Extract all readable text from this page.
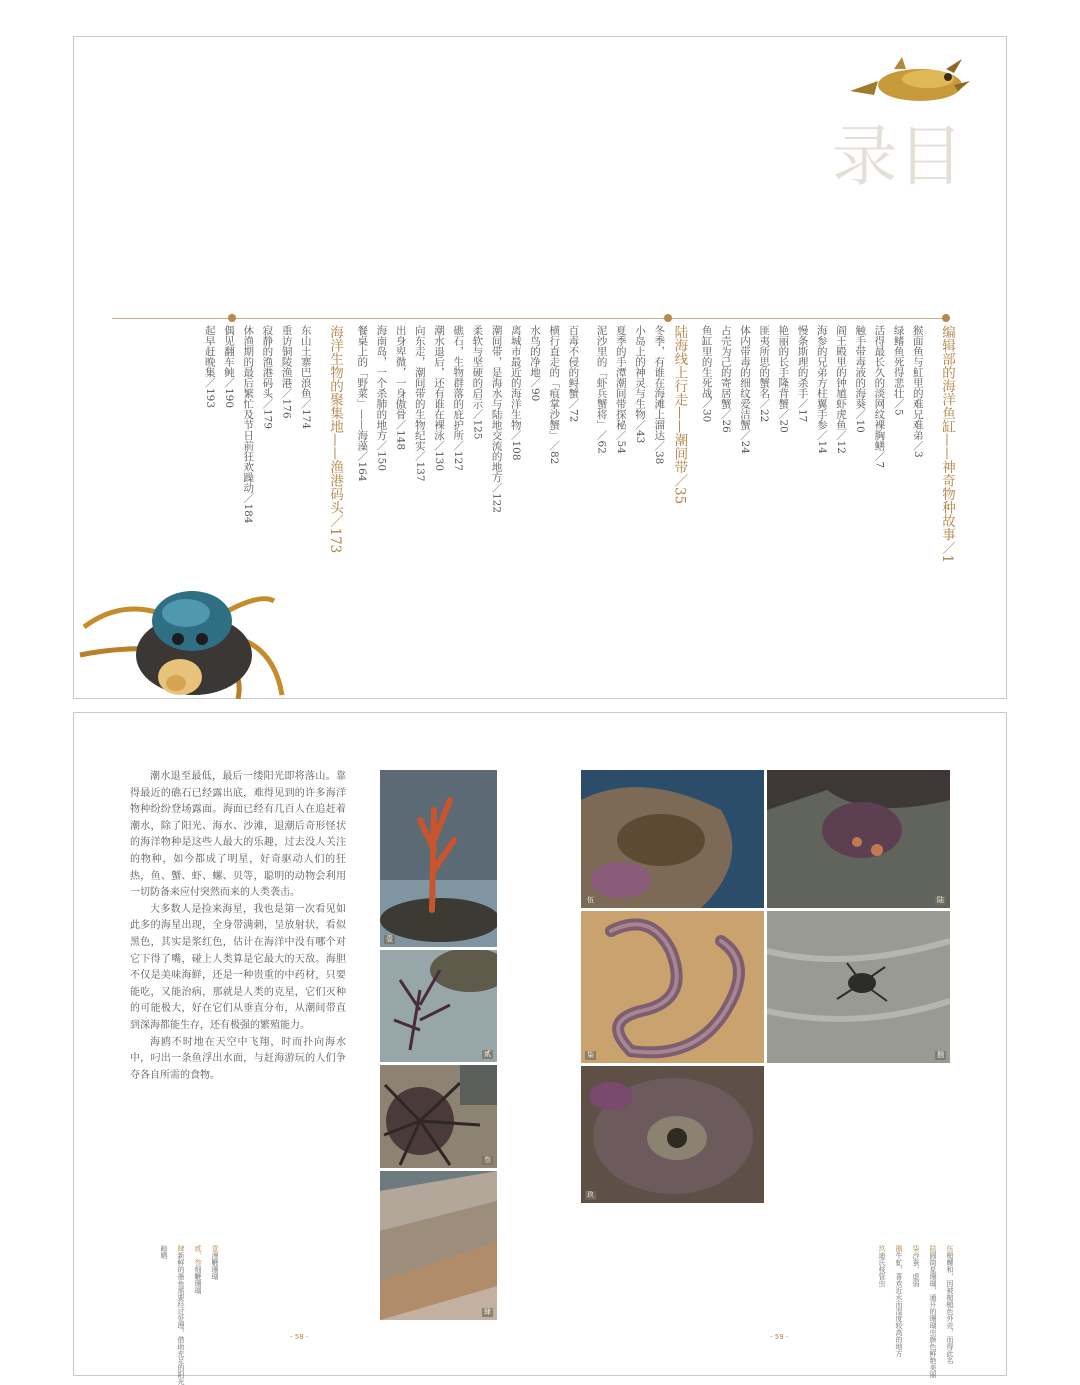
目
录
编辑部的海洋鱼缸——神奇物种故事／1
猴面鱼与魟里的难兄难弟／3
绿鳍鱼死得悲壮／5
活得最长久的淡网纹裸胸鳝／7
触手带毒液的海葵／10
阎王殿里的钟馗虾虎鱼／12
海参的兄弟方柱翼手参／14
慢条斯理的杀手／17
艳丽的长手隆背蟹／20
匪夷所思的蟹名／22
体内带毒的细纹爱洁蟹／24
占壳为己的寄居蟹／26
鱼缸里的生死战／30
陆海线上行走——潮间带／35
冬季，有谁在海滩上溜达／38
小岛上的神灵与生物／43
夏季的手潭潮间带探秘／54
泥沙里的「虾兵蟹将」／62
百毒不侵的鲟蟹／72
横行直走的「痕掌沙蟹」／82
水鸟的净地／90
离城市最近的海洋生物／108
潮间带，是海水与陆地交流的地方／122
柔软与坚硬的启示／125
礁石，生物群落的庇护所／127
潮水退后，还有谁在裸泳／130
向东走，潮间带的生物纪实／137
出身卑微，一身傲骨／148
海南岛，一个杀肺的地方／150
餐桌上的「野菜」——海藻／164
海洋生物的聚集地——渔港码头／173
东山土寨巴浪鱼／174
重访铜陵渔港／176
寂静的渔港码头／179
休渔期的最后繁忙及节日前狂欢躁动／184
偶见翻车鲀／190
起早赶晚集／193

潮水退至最低，最后一缕阳光即将落山。靠得最近的礁石已经露出底，难得见到的许多海洋物种纷纷登场露面。海面已经有几百人在追赶着潮水，除了阳光、海水、沙滩，退潮后奇形怪状的海洋物种是这些人最大的乐趣，过去没人关注的物种，如今都成了明星，好奇驱动人们的狂热，鱼、蟹、虾、螺、贝等，聪明的动物会利用一切防备来应付突然而来的人类袭击。

大多数人是捡来海星，我也是第一次看见如此多的海星出现，全身带满刺，呈放射状，看似黑色，其实是浆红色，估计在海洋中没有哪个对它下得了嘴，碰上人类算是它最大的天敌。海胆不仅是美味海鲜，还是一种贵重的中药材，只要能吃，又能治病，那就是人类的克星，它们灭种的可能极大，好在它们从垂直分布，从潮间带直到深海都能生存，还有极强的繁殖能力。

海鸥不时地在天空中飞翔，时而扑向海水中，叼出一条鱼浮出水面，与赶海游玩的人们争夺各自所需的食物。

壹
贰
叁
肆
伍	陆
柒	捌
玖
壹漫鞭珊瑚
贰、叁细鞭珊瑚
肆新鲜的墨鱼需要经过处理，借助充足的阳光
晾晒	伍槌螺和，因被槌槌色外壳，而得此名
陆圆筒星珊瑚，通开的珊瑚虫颜色鲜艳美丽
柒沙蚕，虚弱
捌牛虻，喜欢近水而湿度较高的地方
玖迪氏枝管虫
- 58 -	- 59 -
